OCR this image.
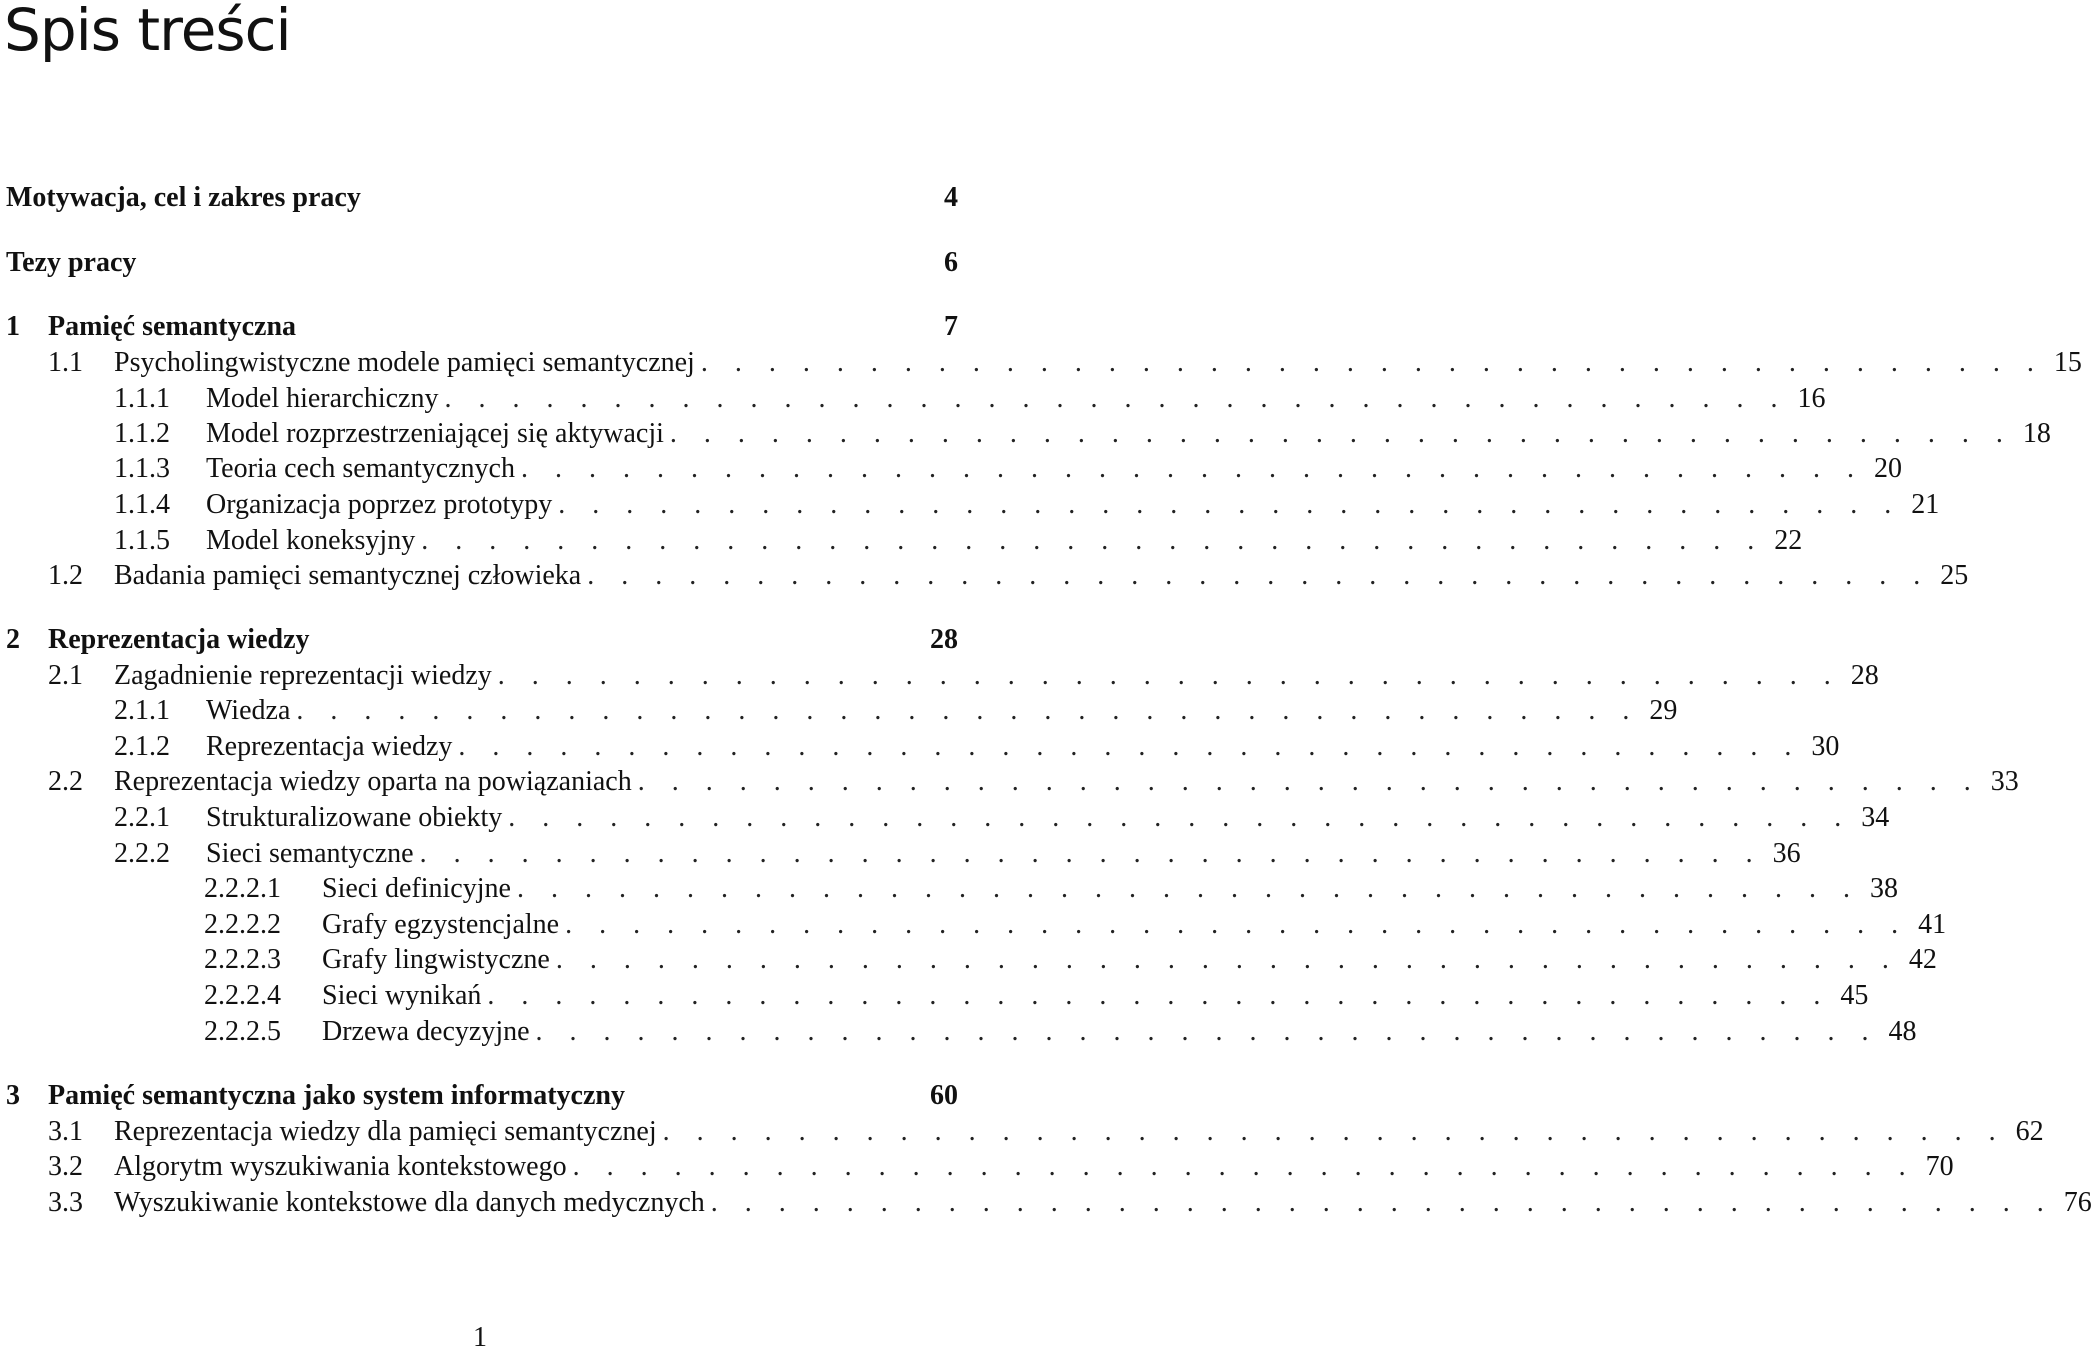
Spis treści
Motywacja, cel i zakres pracy	4
Tezy pracy	6
1	Pamięć semantyczna	7
1.1	Psycholingwistyczne modele pamięci semantycznej . . . . . . . . . . . . . . . . . . . . . . . . . . . . . . . . . . . . . . . . 15
1.1.1	Model hierarchiczny . . . . . . . . . . . . . . . . . . . . . . . . . . . . . . . . . . . . . . . . 16
1.1.2	Model rozprzestrzeniającej się aktywacji . . . . . . . . . . . . . . . . . . . . . . . . . . . . . . . . . . . . . . . . 18
1.1.3	Teoria cech semantycznych . . . . . . . . . . . . . . . . . . . . . . . . . . . . . . . . . . . . . . . . 20
1.1.4	Organizacja poprzez prototypy . . . . . . . . . . . . . . . . . . . . . . . . . . . . . . . . . . . . . . . . 21
1.1.5	Model koneksyjny . . . . . . . . . . . . . . . . . . . . . . . . . . . . . . . . . . . . . . . . 22
1.2	Badania pamięci semantycznej człowieka . . . . . . . . . . . . . . . . . . . . . . . . . . . . . . . . . . . . . . . . 25
2	Reprezentacja wiedzy	28
2.1	Zagadnienie reprezentacji wiedzy . . . . . . . . . . . . . . . . . . . . . . . . . . . . . . . . . . . . . . . . 28
2.1.1	Wiedza . . . . . . . . . . . . . . . . . . . . . . . . . . . . . . . . . . . . . . . . 29
2.1.2	Reprezentacja wiedzy . . . . . . . . . . . . . . . . . . . . . . . . . . . . . . . . . . . . . . . . 30
2.2	Reprezentacja wiedzy oparta na powiązaniach . . . . . . . . . . . . . . . . . . . . . . . . . . . . . . . . . . . . . . . . 33
2.2.1	Strukturalizowane obiekty . . . . . . . . . . . . . . . . . . . . . . . . . . . . . . . . . . . . . . . . 34
2.2.2	Sieci semantyczne . . . . . . . . . . . . . . . . . . . . . . . . . . . . . . . . . . . . . . . . 36
2.2.2.1	Sieci definicyjne . . . . . . . . . . . . . . . . . . . . . . . . . . . . . . . . . . . . . . . . 38
2.2.2.2	Grafy egzystencjalne . . . . . . . . . . . . . . . . . . . . . . . . . . . . . . . . . . . . . . . . 41
2.2.2.3	Grafy lingwistyczne . . . . . . . . . . . . . . . . . . . . . . . . . . . . . . . . . . . . . . . . 42
2.2.2.4	Sieci wynikań . . . . . . . . . . . . . . . . . . . . . . . . . . . . . . . . . . . . . . . . 45
2.2.2.5	Drzewa decyzyjne . . . . . . . . . . . . . . . . . . . . . . . . . . . . . . . . . . . . . . . . 48
3	Pamięć semantyczna jako system informatyczny	60
3.1	Reprezentacja wiedzy dla pamięci semantycznej . . . . . . . . . . . . . . . . . . . . . . . . . . . . . . . . . . . . . . . . 62
3.2	Algorytm wyszukiwania kontekstowego . . . . . . . . . . . . . . . . . . . . . . . . . . . . . . . . . . . . . . . . 70
3.3	Wyszukiwanie kontekstowe dla danych medycznych . . . . . . . . . . . . . . . . . . . . . . . . . . . . . . . . . . . . . . . . 76
1
